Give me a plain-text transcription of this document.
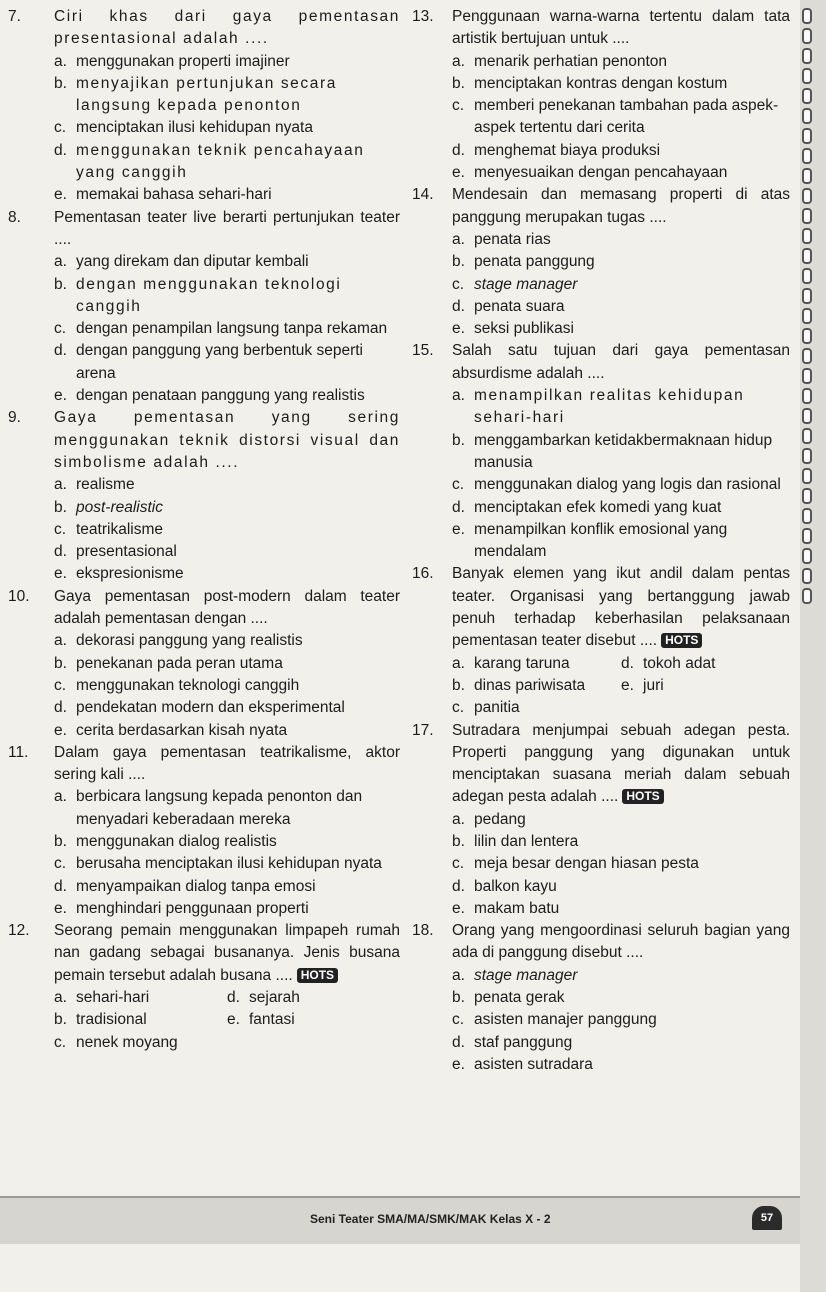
7.	Ciri khas dari gaya pementasan presentasional adalah ....
a. menggunakan properti imajiner
b. menyajikan pertunjukan secara langsung kepada penonton
c. menciptakan ilusi kehidupan nyata
d. menggunakan teknik pencahayaan yang canggih
e. memakai bahasa sehari-hari
8.	Pementasan teater live berarti pertunjukan teater ....
a. yang direkam dan diputar kembali
b. dengan menggunakan teknologi canggih
c. dengan penampilan langsung tanpa rekaman
d. dengan panggung yang berbentuk seperti arena
e. dengan penataan panggung yang realistis
9.	Gaya pementasan yang sering menggunakan teknik distorsi visual dan simbolisme adalah ....
a. realisme
b. post-realistic
c. teatrikalisme
d. presentasional
e. ekspresionisme
10.	Gaya pementasan post-modern dalam teater adalah pementasan dengan ....
a. dekorasi panggung yang realistis
b. penekanan pada peran utama
c. menggunakan teknologi canggih
d. pendekatan modern dan eksperimental
e. cerita berdasarkan kisah nyata
11.	Dalam gaya pementasan teatrikalisme, aktor sering kali ....
a. berbicara langsung kepada penonton dan menyadari keberadaan mereka
b. menggunakan dialog realistis
c. berusaha menciptakan ilusi kehidupan nyata
d. menyampaikan dialog tanpa emosi
e. menghindari penggunaan properti
12.	Seorang pemain menggunakan limpapeh rumah nan gadang sebagai busananya. Jenis busana pemain tersebut adalah busana .... HOTS
a. sehari-hari	d. sejarah
b. tradisional	e. fantasi
c. nenek moyang
13.	Penggunaan warna-warna tertentu dalam tata artistik bertujuan untuk ....
a. menarik perhatian penonton
b. menciptakan kontras dengan kostum
c. memberi penekanan tambahan pada aspek-aspek tertentu dari cerita
d. menghemat biaya produksi
e. menyesuaikan dengan pencahayaan
14.	Mendesain dan memasang properti di atas panggung merupakan tugas ....
a. penata rias
b. penata panggung
c. stage manager
d. penata suara
e. seksi publikasi
15.	Salah satu tujuan dari gaya pementasan absurdisme adalah ....
a. menampilkan realitas kehidupan sehari-hari
b. menggambarkan ketidakbermaknaan hidup manusia
c. menggunakan dialog yang logis dan rasional
d. menciptakan efek komedi yang kuat
e. menampilkan konflik emosional yang mendalam
16.	Banyak elemen yang ikut andil dalam pentas teater. Organisasi yang bertanggung jawab penuh terhadap keberhasilan pelaksanaan pementasan teater disebut .... HOTS
a. karang taruna	d. tokoh adat
b. dinas pariwisata	e. juri
c. panitia
17.	Sutradara menjumpai sebuah adegan pesta. Properti panggung yang digunakan untuk menciptakan suasana meriah dalam sebuah adegan pesta adalah .... HOTS
a. pedang
b. lilin dan lentera
c. meja besar dengan hiasan pesta
d. balkon kayu
e. makam batu
18.	Orang yang mengoordinasi seluruh bagian yang ada di panggung disebut ....
a. stage manager
b. penata gerak
c. asisten manajer panggung
d. staf panggung
e. asisten sutradara
Seni Teater SMA/MA/SMK/MAK Kelas X - 2	57
